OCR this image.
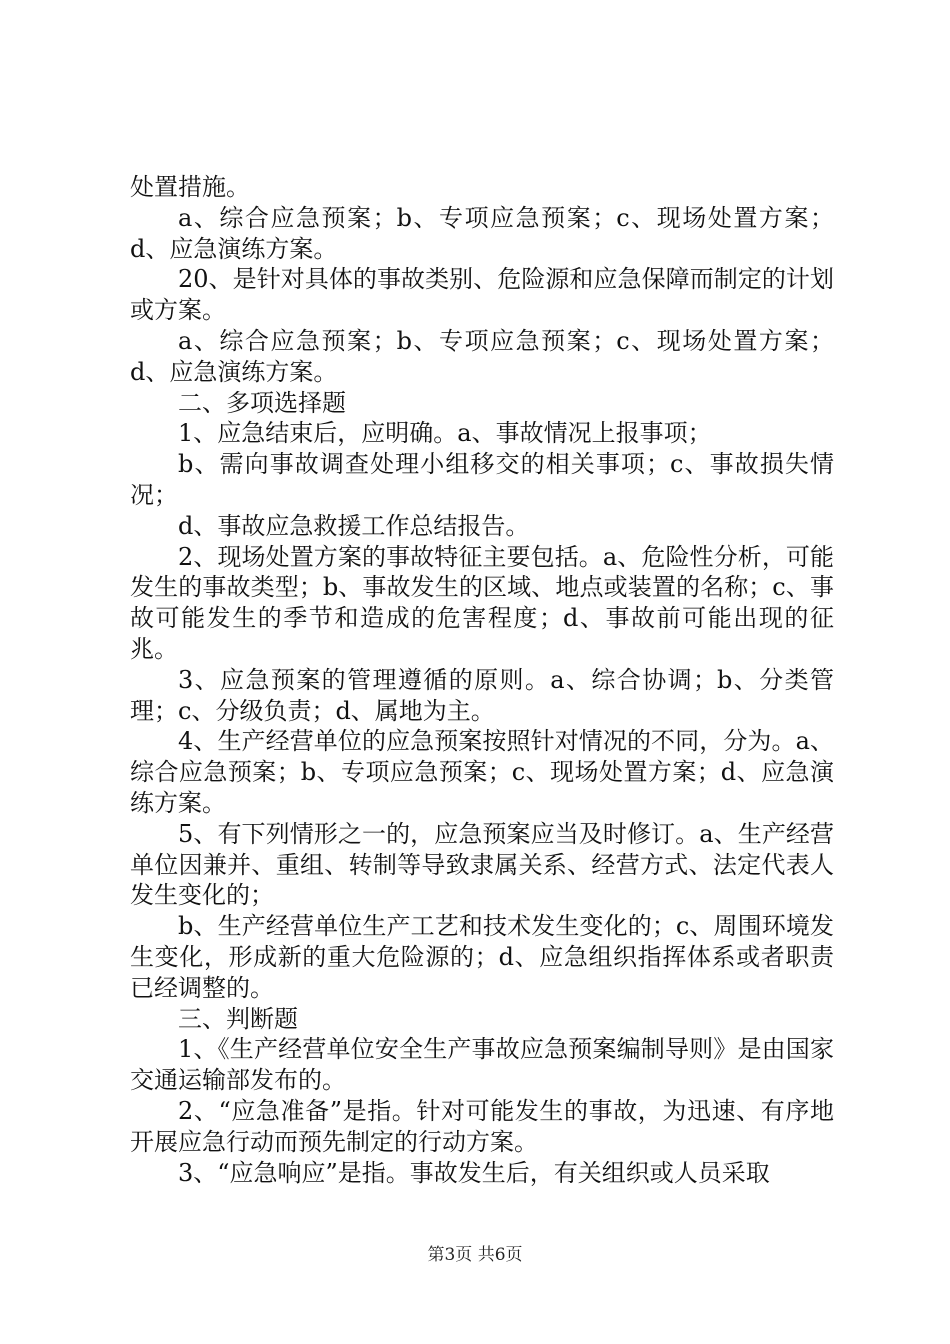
处置措施。

a、综合应急预案；b、专项应急预案；c、现场处置方案；d、应急演练方案。

20、是针对具体的事故类别、危险源和应急保障而制定的计划或方案。

a、综合应急预案；b、专项应急预案；c、现场处置方案；d、应急演练方案。

二、多项选择题

1、应急结束后，应明确。a、事故情况上报事项；

b、需向事故调查处理小组移交的相关事项；c、事故损失情况；

d、事故应急救援工作总结报告。

2、现场处置方案的事故特征主要包括。a、危险性分析，可能发生的事故类型；b、事故发生的区域、地点或装置的名称；c、事故可能发生的季节和造成的危害程度；d、事故前可能出现的征兆。

3、应急预案的管理遵循的原则。a、综合协调；b、分类管理；c、分级负责；d、属地为主。

4、生产经营单位的应急预案按照针对情况的不同，分为。a、综合应急预案；b、专项应急预案；c、现场处置方案；d、应急演练方案。

5、有下列情形之一的，应急预案应当及时修订。a、生产经营单位因兼并、重组、转制等导致隶属关系、经营方式、法定代表人发生变化的；

b、生产经营单位生产工艺和技术发生变化的；c、周围环境发生变化，形成新的重大危险源的；d、应急组织指挥体系或者职责已经调整的。

三、判断题

1、《生产经营单位安全生产事故应急预案编制导则》是由国家交通运输部发布的。

2、“应急准备”是指。针对可能发生的事故，为迅速、有序地开展应急行动而预先制定的行动方案。

3、“应急响应”是指。事故发生后，有关组织或人员采取

第3页 共6页
